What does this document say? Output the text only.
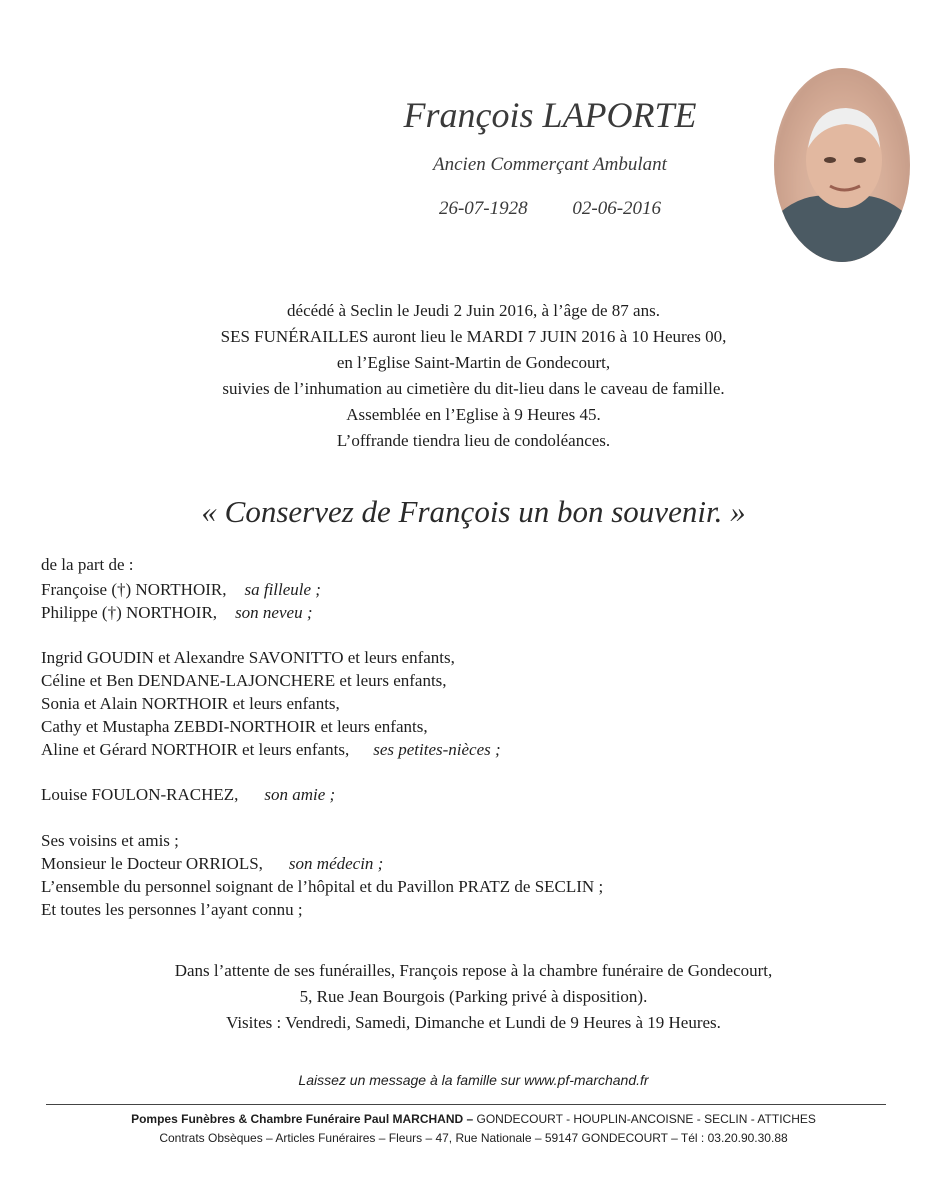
François LAPORTE
Ancien Commerçant Ambulant
26-07-1928 02-06-2016
décédé à Seclin le Jeudi 2 Juin 2016, à l’âge de 87 ans.
SES FUNÉRAILLES auront lieu le MARDI 7 JUIN 2016 à 10 Heures 00,
en l’Eglise Saint-Martin de Gondecourt,
suivies de l’inhumation au cimetière du dit-lieu dans le caveau de famille.
Assemblée en l’Eglise à 9 Heures 45.
L’offrande tiendra lieu de condoléances.
« Conservez de François un bon souvenir. »
de la part de :
Françoise (†) NORTHOIR, sa filleule ;
Philippe (†) NORTHOIR, son neveu ;
Ingrid GOUDIN et Alexandre SAVONITTO et leurs enfants,
Céline et Ben DENDANE-LAJONCHERE et leurs enfants,
Sonia et Alain NORTHOIR et leurs enfants,
Cathy et Mustapha ZEBDI-NORTHOIR et leurs enfants,
Aline et Gérard NORTHOIR et leurs enfants, ses petites-nièces ;
Louise FOULON-RACHEZ, son amie ;
Ses voisins et amis ;
Monsieur le Docteur ORRIOLS, son médecin ;
L’ensemble du personnel soignant de l’hôpital et du Pavillon PRATZ de SECLIN ;
Et toutes les personnes l’ayant connu ;
Dans l’attente de ses funérailles, François repose à la chambre funéraire de Gondecourt,
5, Rue Jean Bourgois (Parking privé à disposition).
Visites : Vendredi, Samedi, Dimanche et Lundi de 9 Heures à 19 Heures.
Laissez un message à la famille sur www.pf-marchand.fr
Pompes Funèbres & Chambre Funéraire Paul MARCHAND – GONDECOURT - HOUPLIN-ANCOISNE - SECLIN - ATTICHES
Contrats Obsèques – Articles Funéraires – Fleurs – 47, Rue Nationale – 59147 GONDECOURT – Tél : 03.20.90.30.88
